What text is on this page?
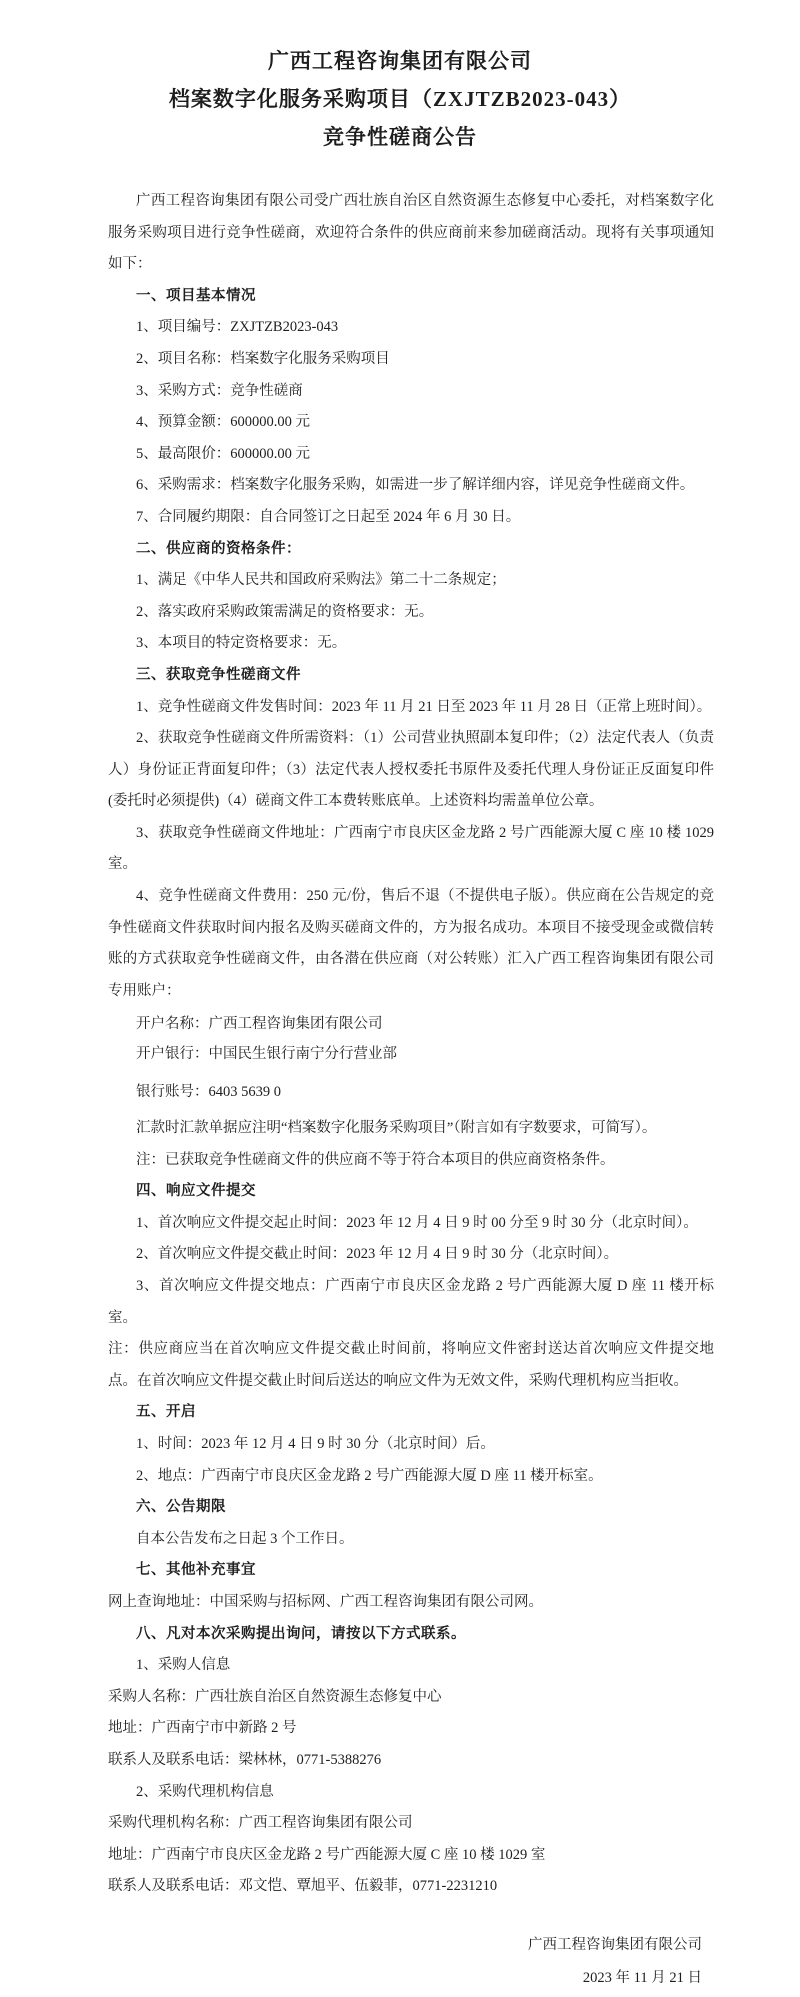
广西工程咨询集团有限公司

档案数字化服务采购项目（ZXJTZB2023-043）

竞争性磋商公告

广西工程咨询集团有限公司受广西壮族自治区自然资源生态修复中心委托，对档案数字化服务采购项目进行竞争性磋商，欢迎符合条件的供应商前来参加磋商活动。现将有关事项通知如下：

一、项目基本情况

1、项目编号：ZXJTZB2023-043

2、项目名称：档案数字化服务采购项目

3、采购方式：竞争性磋商

4、预算金额：600000.00 元

5、最高限价：600000.00 元

6、采购需求：档案数字化服务采购，如需进一步了解详细内容，详见竞争性磋商文件。

7、合同履约期限：自合同签订之日起至 2024 年 6 月 30 日。

二、供应商的资格条件：

1、满足《中华人民共和国政府采购法》第二十二条规定；

2、落实政府采购政策需满足的资格要求：无。

3、本项目的特定资格要求：无。

三、获取竞争性磋商文件

1、竞争性磋商文件发售时间：2023 年 11 月 21 日至 2023 年 11 月 28 日（正常上班时间）。

2、获取竞争性磋商文件所需资料：（1）公司营业执照副本复印件；（2）法定代表人（负责人）身份证正背面复印件；（3）法定代表人授权委托书原件及委托代理人身份证正反面复印件(委托时必须提供)（4）磋商文件工本费转账底单。上述资料均需盖单位公章。

3、获取竞争性磋商文件地址：广西南宁市良庆区金龙路 2 号广西能源大厦 C 座 10 楼 1029 室。

4、竞争性磋商文件费用：250 元/份，售后不退（不提供电子版）。供应商在公告规定的竞争性磋商文件获取时间内报名及购买磋商文件的，方为报名成功。本项目不接受现金或微信转账的方式获取竞争性磋商文件，由各潜在供应商（对公转账）汇入广西工程咨询集团有限公司专用账户：

开户名称：广西工程咨询集团有限公司

开户银行：中国民生银行南宁分行营业部

银行账号：6403 5639 0

汇款时汇款单据应注明“档案数字化服务采购项目”（附言如有字数要求，可简写）。

注：已获取竞争性磋商文件的供应商不等于符合本项目的供应商资格条件。

四、响应文件提交

1、首次响应文件提交起止时间：2023 年 12 月 4 日 9 时 00 分至 9 时 30 分（北京时间）。

2、首次响应文件提交截止时间：2023 年 12 月 4 日 9 时 30 分（北京时间）。

3、首次响应文件提交地点：广西南宁市良庆区金龙路 2 号广西能源大厦 D 座 11 楼开标室。

注：供应商应当在首次响应文件提交截止时间前，将响应文件密封送达首次响应文件提交地点。在首次响应文件提交截止时间后送达的响应文件为无效文件，采购代理机构应当拒收。

五、开启

1、时间：2023 年 12 月 4 日 9 时 30 分（北京时间）后。

2、地点：广西南宁市良庆区金龙路 2 号广西能源大厦 D 座 11 楼开标室。

六、公告期限

自本公告发布之日起 3 个工作日。

七、其他补充事宜

网上查询地址：中国采购与招标网、广西工程咨询集团有限公司网。

八、凡对本次采购提出询问，请按以下方式联系。

1、采购人信息

采购人名称：广西壮族自治区自然资源生态修复中心

地址：广西南宁市中新路 2 号

联系人及联系电话：梁林林，0771-5388276

2、采购代理机构信息

采购代理机构名称：广西工程咨询集团有限公司

地址：广西南宁市良庆区金龙路 2 号广西能源大厦 C 座 10 楼 1029 室

联系人及联系电话：邓文恺、覃旭平、伍毅菲，0771-2231210

广西工程咨询集团有限公司

2023 年 11 月 21 日
